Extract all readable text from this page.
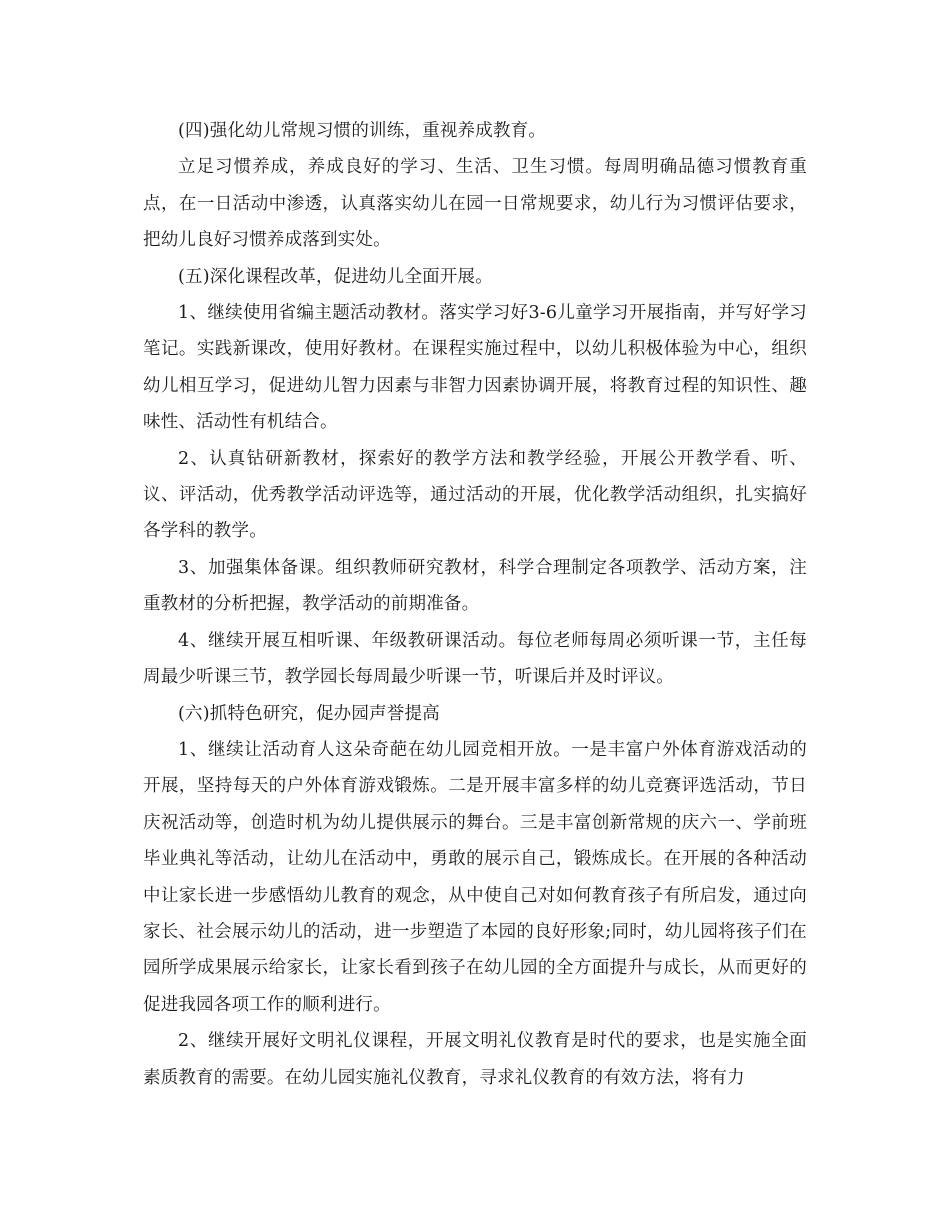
(四)强化幼儿常规习惯的训练，重视养成教育。

立足习惯养成，养成良好的学习、生活、卫生习惯。每周明确品德习惯教育重点，在一日活动中渗透，认真落实幼儿在园一日常规要求，幼儿行为习惯评估要求，把幼儿良好习惯养成落到实处。

(五)深化课程改革，促进幼儿全面开展。

1、继续使用省编主题活动教材。落实学习好3-6儿童学习开展指南，并写好学习笔记。实践新课改，使用好教材。在课程实施过程中，以幼儿积极体验为中心，组织幼儿相互学习，促进幼儿智力因素与非智力因素协调开展，将教育过程的知识性、趣味性、活动性有机结合。

2、认真钻研新教材，探索好的教学方法和教学经验，开展公开教学看、听、议、评活动，优秀教学活动评选等，通过活动的开展，优化教学活动组织，扎实搞好各学科的教学。

3、加强集体备课。组织教师研究教材，科学合理制定各项教学、活动方案，注重教材的分析把握，教学活动的前期准备。

4、继续开展互相听课、年级教研课活动。每位老师每周必须听课一节，主任每周最少听课三节，教学园长每周最少听课一节，听课后并及时评议。

(六)抓特色研究，促办园声誉提高

1、继续让活动育人这朵奇葩在幼儿园竞相开放。一是丰富户外体育游戏活动的开展，坚持每天的户外体育游戏锻炼。二是开展丰富多样的幼儿竞赛评选活动，节日庆祝活动等，创造时机为幼儿提供展示的舞台。三是丰富创新常规的庆六一、学前班毕业典礼等活动，让幼儿在活动中，勇敢的展示自己，锻炼成长。在开展的各种活动中让家长进一步感悟幼儿教育的观念，从中使自己对如何教育孩子有所启发，通过向家长、社会展示幼儿的活动，进一步塑造了本园的良好形象;同时，幼儿园将孩子们在园所学成果展示给家长，让家长看到孩子在幼儿园的全方面提升与成长，从而更好的促进我园各项工作的顺利进行。

2、继续开展好文明礼仪课程，开展文明礼仪教育是时代的要求，也是实施全面素质教育的需要。在幼儿园实施礼仪教育，寻求礼仪教育的有效方法，将有力
